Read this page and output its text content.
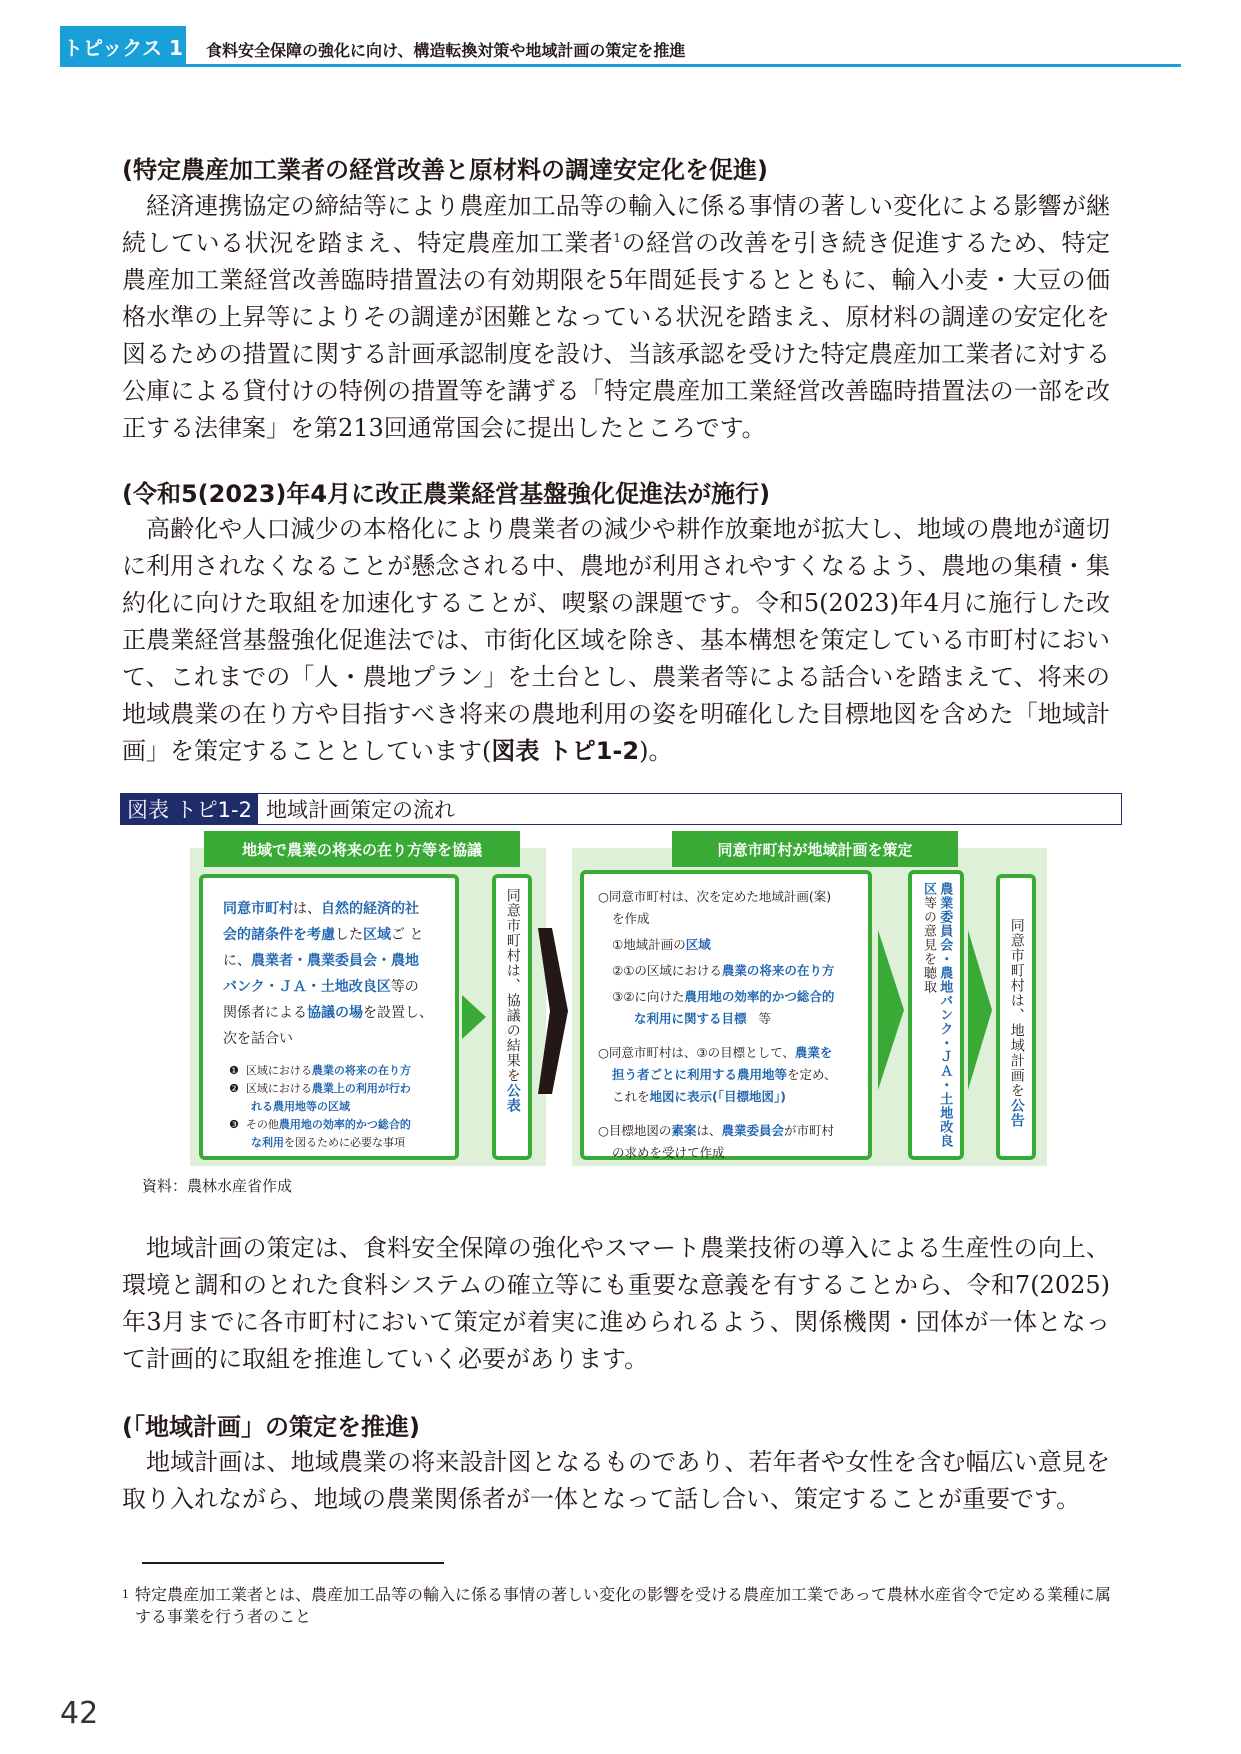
トピックス 1 食料安全保障の強化に向け、構造転換対策や地域計画の策定を推進
(特定農産加工業者の経営改善と原材料の調達安定化を促進)

経済連携協定の締結等により農産加工品等の輸入に係る事情の著しい変化による影響が継続している状況を踏まえ、特定農産加工業者$^1$の経営の改善を引き続き促進するため、特定農産加工業経営改善臨時措置法の有効期限を5年間延長するとともに、輸入小麦・大豆の価格水準の上昇等によりその調達が困難となっている状況を踏まえ、原材料の調達の安定化を図るための措置に関する計画承認制度を設け、当該承認を受けた特定農産加工業者に対する公庫による貸付けの特例の措置等を講ずる「特定農産加工業経営改善臨時措置法の一部を改正する法律案」を第213回通常国会に提出したところです。

(令和5(2023)年4月に改正農業経営基盤強化促進法が施行)

高齢化や人口減少の本格化により農業者の減少や耕作放棄地が拡大し、地域の農地が適切に利用されなくなることが懸念される中、農地が利用されやすくなるよう、農地の集積・集約化に向けた取組を加速化することが、喫緊の課題です。令和5(2023)年4月に施行した改正農業経営基盤強化促進法では、市街化区域を除き、基本構想を策定している市町村において、これまでの「人・農地プラン」を土台とし、農業者等による話合いを踏まえて、将来の地域農業の在り方や目指すべき将来の農地利用の姿を明確化した目標地図を含めた「地域計画」を策定することとしています(図表 トピ1-2)。

図表 トピ1-2 地域計画策定の流れ
地域で農業の将来の在り方等を協議	同意市町村が地域計画を策定
同意市町村は、自然的経済的社
会的諸条件を考慮した区域ご と
に、農業者・農業委員会・農地
バンク・ＪＡ・土地改良区等の
関係者による協議の場を設置し、
次を話合い
❶ 区域における農業の将来の在り方
❷ 区域における農業上の利用が行わ
れる農用地等の区域
❸ その他農用地の効率的かつ総合的
な利用を図るために必要な事項
同意市町村は、協議の結果を公表
○同意市町村は、次を定めた地域計画(案)
を作成
①地域計画の区域
②①の区域における農業の将来の在り方
③②に向けた農用地の効率的かつ総合的
な利用に関する目標 等
○同意市町村は、③の目標として、農業を
担う者ごとに利用する農用地等を定め、
これを地図に表示(「目標地図」)
○目標地図の素案は、農業委員会が市町村
の求めを受けて作成
農業委員会・農地バンク・ＪＡ・土地改良区等の意見を聴取	同意市町村は、地域計画を公告
資料：農林水産省作成

地域計画の策定は、食料安全保障の強化やスマート農業技術の導入による生産性の向上、環境と調和のとれた食料システムの確立等にも重要な意義を有することから、令和7(2025)年3月までに各市町村において策定が着実に進められるよう、関係機関・団体が一体となって計画的に取組を推進していく必要があります。

(「地域計画」の策定を推進)

地域計画は、地域農業の将来設計図となるものであり、若年者や女性を含む幅広い意見を取り入れながら、地域の農業関係者が一体となって話し合い、策定することが重要です。

1 特定農産加工業者とは、農産加工品等の輸入に係る事情の著しい変化の影響を受ける農産加工業であって農林水産省令で定める業種に属する事業を行う者のこと
42
